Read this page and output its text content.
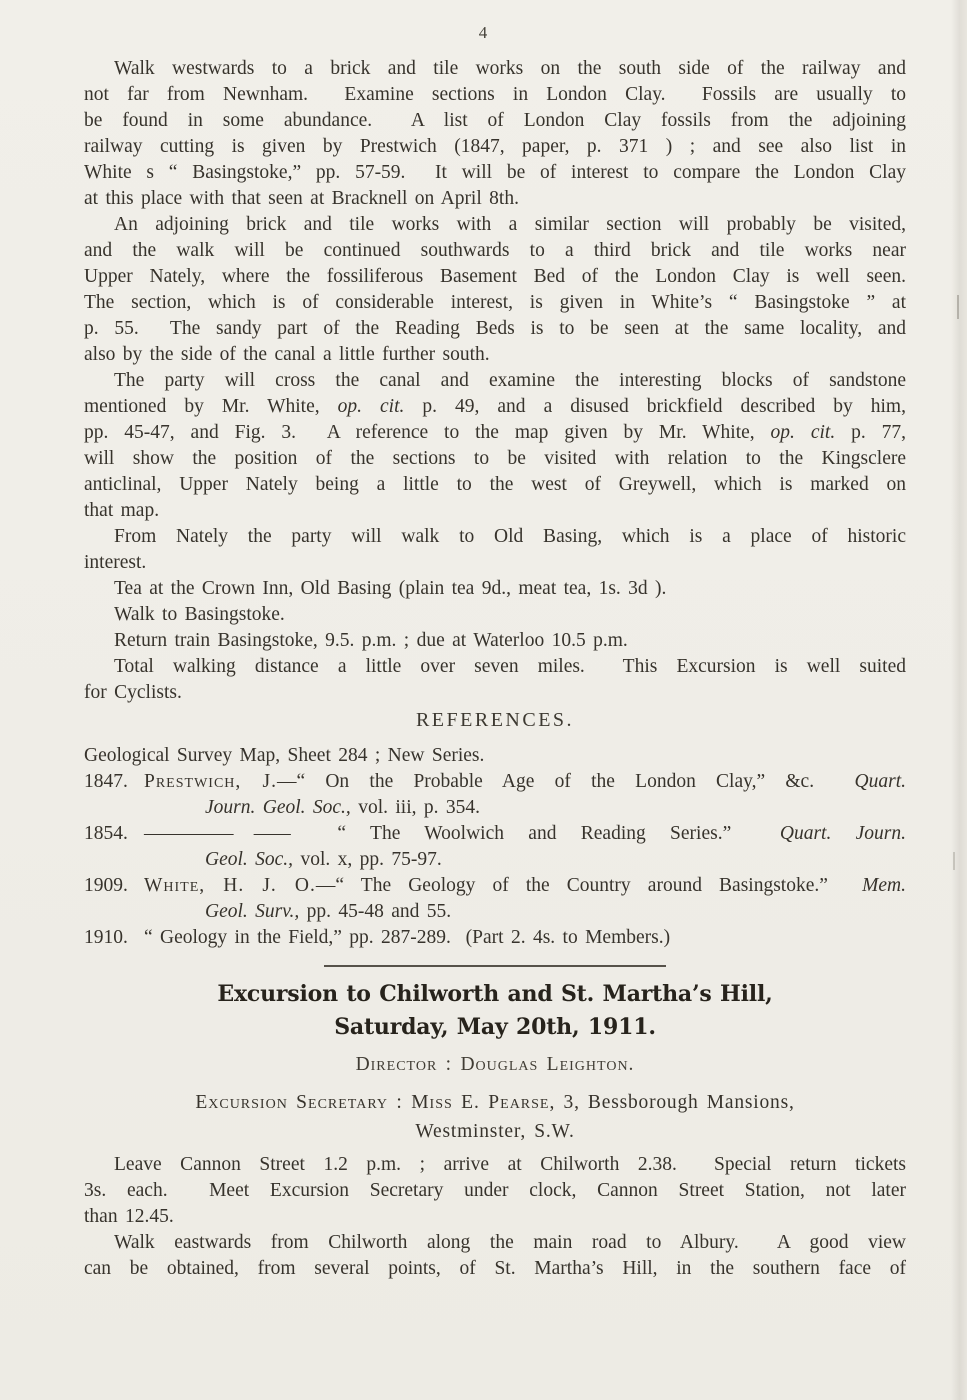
4
Walk westwards to a brick and tile works on the south side of the railway and
not far from Newnham.  Examine sections in London Clay.  Fossils are usually to
be found in some abundance.  A list of London Clay fossils from the adjoining
railway cutting is given by Prestwich (1847, paper, p. 371 ) ; and see also list in
White s “ Basingstoke,” pp. 57-59.  It will be of interest to compare the London Clay
at this place with that seen at Bracknell on April 8th.
An adjoining brick and tile works with a similar section will probably be visited,
and the walk will be continued southwards to a third brick and tile works near
Upper Nately, where the fossiliferous Basement Bed of the London Clay is well seen.
The section, which is of considerable interest, is given in White’s “ Basingstoke ” at
p. 55.  The sandy part of the Reading Beds is to be seen at the same locality, and
also by the side of the canal a little further south.
The party will cross the canal and examine the interesting blocks of sandstone
mentioned by Mr. White, op. cit. p. 49, and a disused brickfield described by him,
pp. 45-47, and Fig. 3.  A reference to the map given by Mr. White, op. cit. p. 77,
will show the position of the sections to be visited with relation to the Kingsclere
anticlinal, Upper Nately being a little to the west of Greywell, which is marked on
that map.
From Nately the party will walk to Old Basing, which is a place of historic
interest.
Tea at the Crown Inn, Old Basing (plain tea 9d., meat tea, 1s. 3d ).
Walk to Basingstoke.
Return train Basingstoke, 9.5. p.m. ; due at Waterloo 10.5 p.m.
Total walking distance a little over seven miles.  This Excursion is well suited
for Cyclists.
REFERENCES.
Geological Survey Map, Sheet 284 ; New Series.
1847. Prestwich, J.—“ On the Probable Age of the London Clay,” &c.  Quart.
Journ. Geol. Soc., vol. iii, p. 354.
1854. ————— ——  “ The Woolwich and Reading Series.”  Quart. Journ.
Geol. Soc., vol. x, pp. 75-97.
1909. White, H. J. O.—“ The Geology of the Country around Basingstoke.”  Mem.
Geol. Surv., pp. 45-48 and 55.
1910. “ Geology in the Field,” pp. 287-289.  (Part 2. 4s. to Members.)
Excursion to Chilworth and St. Martha’s Hill,
Saturday, May 20th, 1911.
Director : Douglas Leighton.
Excursion Secretary : Miss E. Pearse, 3, Bessborough Mansions,
Westminster, S.W.
Leave Cannon Street 1.2 p.m. ; arrive at Chilworth 2.38.  Special return tickets
3s. each.  Meet Excursion Secretary under clock, Cannon Street Station, not later
than 12.45.
Walk eastwards from Chilworth along the main road to Albury.  A good view
can be obtained, from several points, of St. Martha’s Hill, in the southern face of
